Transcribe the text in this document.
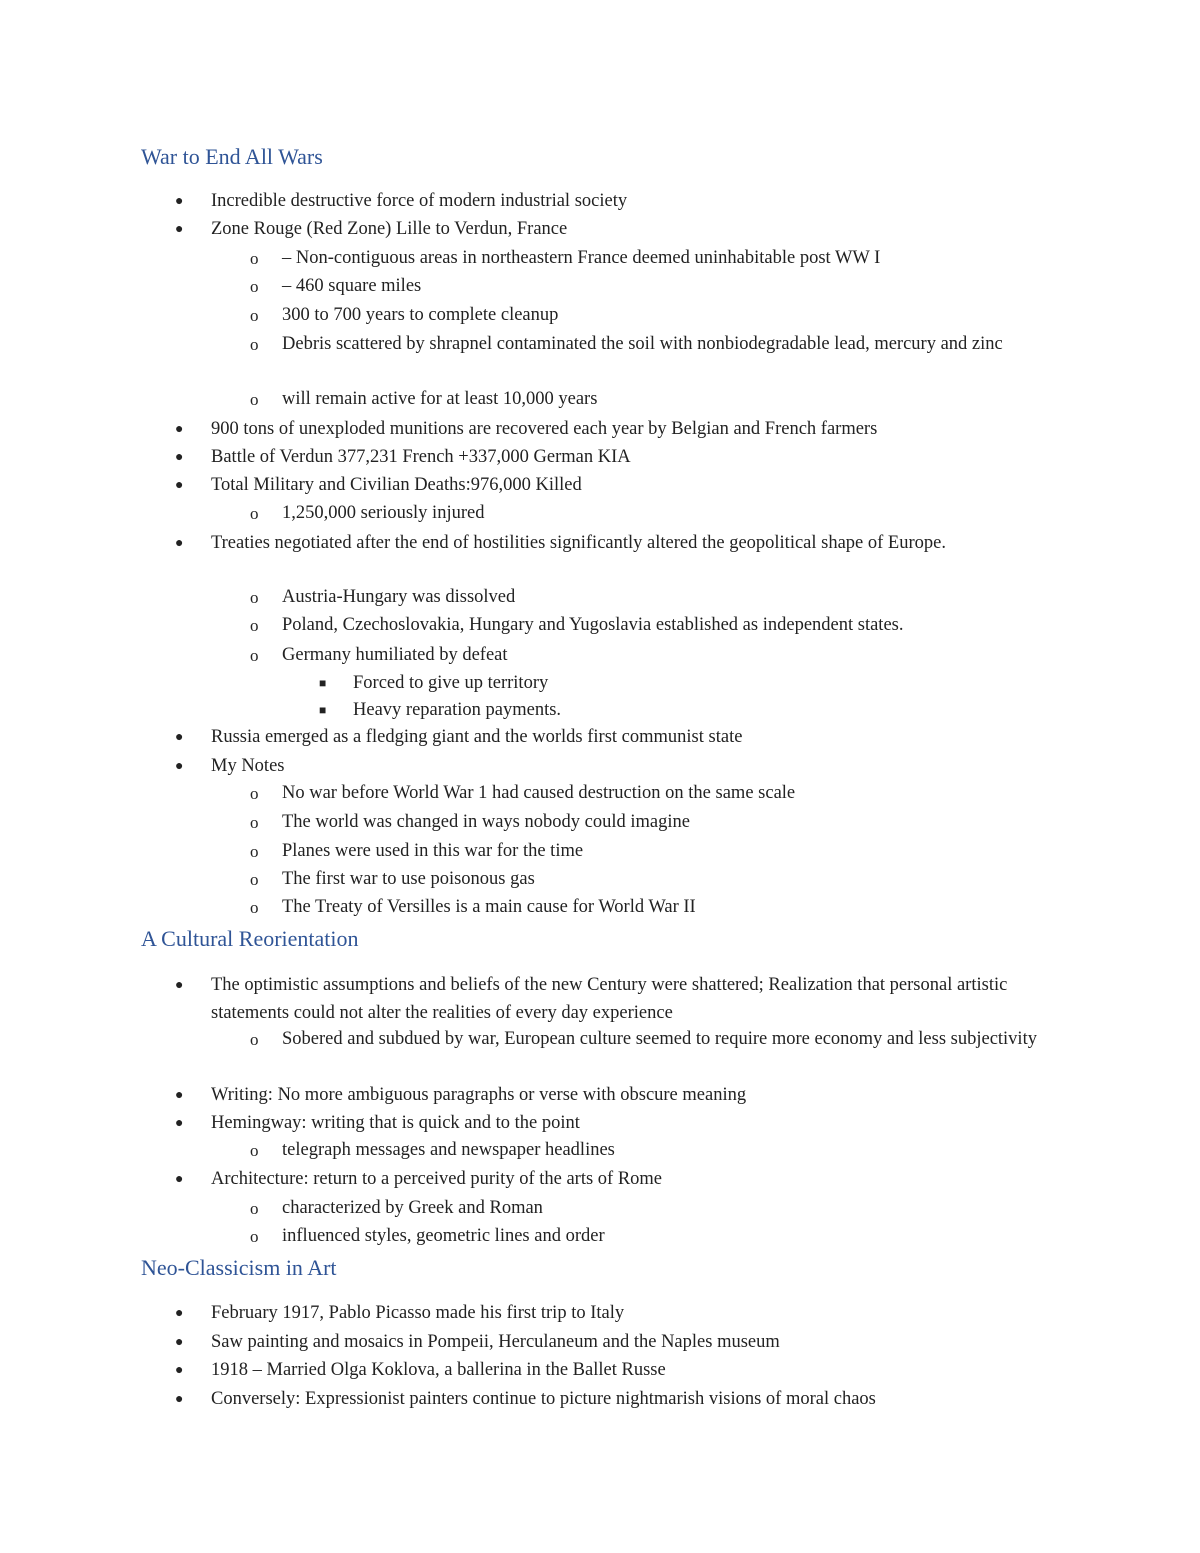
War to End All Wars
● Incredible destructive force of modern industrial society
● Zone Rouge (Red Zone) Lille to Verdun, France
o – Non-contiguous areas in northeastern France deemed uninhabitable post WW I
o – 460 square miles
o 300 to 700 years to complete cleanup
o Debris scattered by shrapnel contaminated the soil with nonbiodegradable lead, mercury and zinc
o will remain active for at least 10,000 years
● 900 tons of unexploded munitions are recovered each year by Belgian and French farmers
● Battle of Verdun 377,231 French +337,000 German KIA
● Total Military and Civilian Deaths:976,000 Killed
o 1,250,000 seriously injured
● Treaties negotiated after the end of hostilities significantly altered the geopolitical shape of Europe.
o Austria-Hungary was dissolved
o Poland, Czechoslovakia, Hungary and Yugoslavia established as independent states.
o Germany humiliated by defeat
■ Forced to give up territory
■ Heavy reparation payments.
● Russia emerged as a fledging giant and the worlds first communist state
● My Notes
o No war before World War 1 had caused destruction on the same scale
o The world was changed in ways nobody could imagine
o Planes were used in this war for the time
o The first war to use poisonous gas
o The Treaty of Versilles is a main cause for World War II
A Cultural Reorientation
● The optimistic assumptions and beliefs of the new Century were shattered; Realization that personal artistic statements could not alter the realities of every day experience
o Sobered and subdued by war, European culture seemed to require more economy and less subjectivity
● Writing: No more ambiguous paragraphs or verse with obscure meaning
● Hemingway: writing that is quick and to the point
o telegraph messages and newspaper headlines
● Architecture: return to a perceived purity of the arts of Rome
o characterized by Greek and Roman
o influenced styles, geometric lines and order
Neo-Classicism in Art
● February 1917, Pablo Picasso made his first trip to Italy
● Saw painting and mosaics in Pompeii, Herculaneum and the Naples museum
● 1918 – Married Olga Koklova, a ballerina in the Ballet Russe
● Conversely: Expressionist painters continue to picture nightmarish visions of moral chaos
